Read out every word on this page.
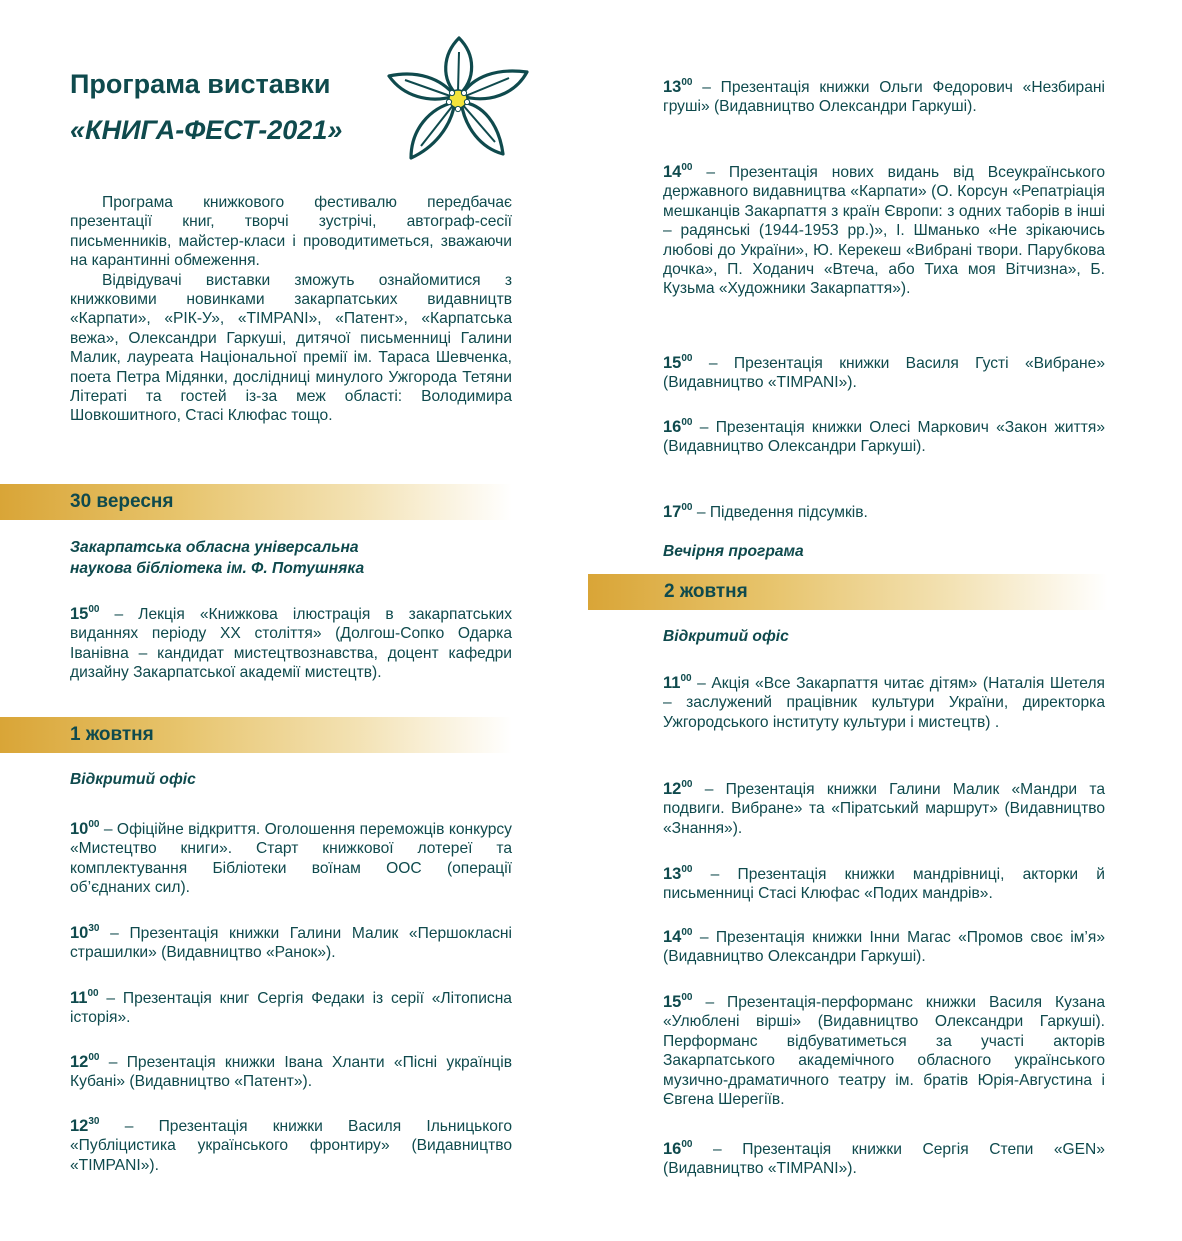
Програма виставки
«КНИГА-ФЕСТ-2021»

Програма книжкового фестивалю передбачає презентації книг, творчі зустрічі, автограф-сесії письменників, майстер-класи і проводитиметься, зважаючи на карантинні обмеження.

Відвідувачі виставки зможуть ознайомитися з книжковими новинками закарпатських видавництв «Карпати», «РІК-У», «TIMPANI», «Патент», «Карпатська вежа», Олександри Гаркуші, дитячої письменниці Галини Малик, лауреата Національної премії ім. Тараса Шевченка, поета Петра Мідянки, дослідниці минулого Ужгорода Тетяни Літераті та гостей із-за меж області: Володимира Шовкошитного, Стасі Клюфас тощо.

30 вересня
Закарпатська обласна універсальна
наукова бібліотека ім. Ф. Потушняка
$15^{00}$ – Лекція «Книжкова ілюстрація в закарпатських виданнях періоду XX століття» (Долгош-Сопко Одарка Іванівна – кандидат мистецтвознавства, доцент кафедри дизайну Закарпатської академії мистецтв).
1 жовтня
Відкритий офіс
$10^{00}$ – Офіційне відкриття. Оголошення переможців конкурсу «Мистецтво книги». Старт книжкової лотереї та комплектування Бібліотеки воїнам ООС (операції об’єднаних сил).
$10^{30}$ – Презентація книжки Галини Малик «Першокласні страшилки» (Видавництво «Ранок»).
$11^{00}$ – Презентація книг Сергія Федаки із серії «Літописна історія».
$12^{00}$ – Презентація книжки Івана Хланти «Пісні українців Кубані» (Видавництво «Патент»).
$12^{30}$ – Презентація книжки Василя Ільницького «Публіцистика українського фронтиру» (Видавництво «TIMPANI»).
$13^{00}$ – Презентація книжки Ольги Федорович «Незбирані груші» (Видавництво Олександри Гаркуші).
$14^{00}$ – Презентація нових видань від Всеукраїнського державного видавництва «Карпати» (О. Корсун «Репатріація мешканців Закарпаття з країн Європи: з одних таборів в інші – радянські (1944-1953 рр.)», І. Шманько «Не зрікаючись любові до України», Ю. Керекеш «Вибрані твори. Парубкова дочка», П. Ходанич «Втеча, або Тиха моя Вітчизна», Б. Кузьма «Художники Закарпаття»).
$15^{00}$ – Презентація книжки Василя Густі «Вибране» (Видавництво «TIMPANI»).
$16^{00}$ – Презентація книжки Олесі Маркович «Закон життя» (Видавництво Олександри Гаркуші).
$17^{00}$ – Підведення підсумків.
Вечірня програма
2 жовтня
Відкритий офіс
$11^{00}$ – Акція «Все Закарпаття читає дітям» (Наталія Шетеля – заслужений працівник культури України, директорка Ужгородського інституту культури і мистецтв) .
$12^{00}$ – Презентація книжки Галини Малик «Мандри та подвиги. Вибране» та «Піратський маршрут» (Видавництво «Знання»).
$13^{00}$ – Презентація книжки мандрівниці, акторки й письменниці Стасі Клюфас «Подих мандрів».
$14^{00}$ – Презентація книжки Інни Магас «Промов своє ім’я» (Видавництво Олександри Гаркуші).
$15^{00}$ – Презентація-перформанс книжки Василя Кузана «Улюблені вірші» (Видавництво Олександри Гаркуші). Перформанс відбуватиметься за участі акторів Закарпатського академічного обласного українського музично-драматичного театру ім. братів Юрія-Августина і Євгена Шерегіїв.
$16^{00}$ – Презентація книжки Сергія Степи «GEN» (Видавництво «TIMPANI»).
